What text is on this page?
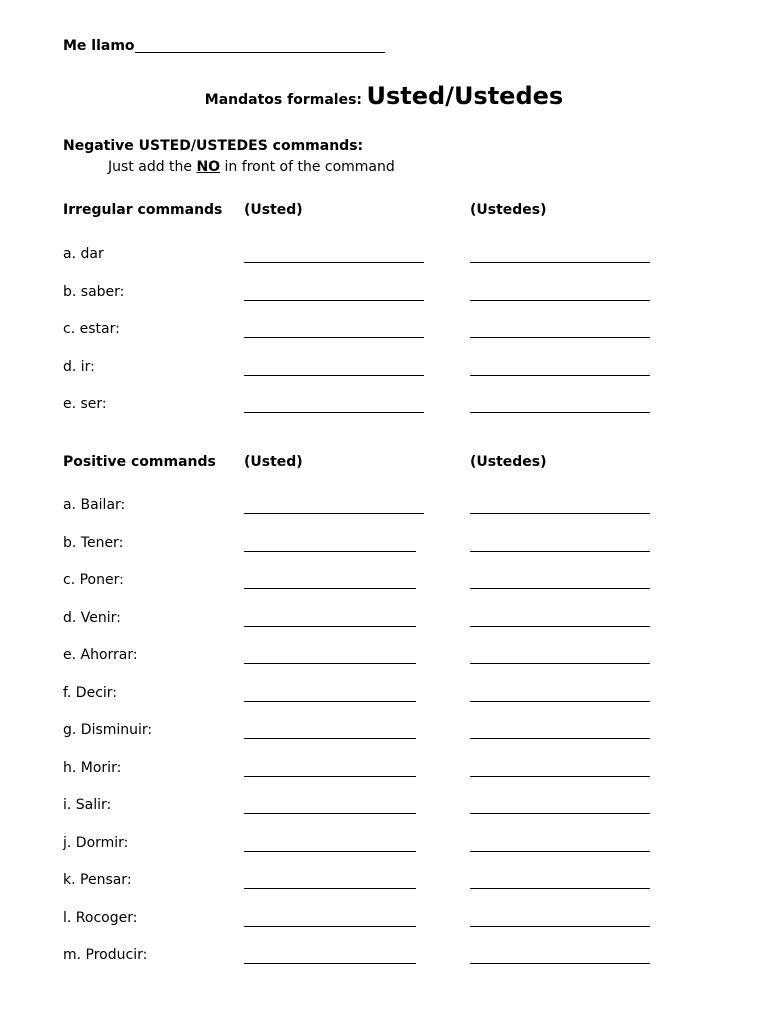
Me llamo
Mandatos formales: Usted/Ustedes
Negative USTED/USTEDES commands:
Just add the NO in front of the command
Irregular commands (Usted)	(Ustedes)
a. dar
b. saber:
c. estar:
d. ir:
e. ser:
Positive commands (Usted)	(Ustedes)
a. Bailar:
b. Tener:
c. Poner:
d. Venir:
e. Ahorrar:
f. Decir:
g. Disminuir:
h. Morir:
i. Salir:
j. Dormir:
k. Pensar:
l. Rocoger:
m. Producir:
